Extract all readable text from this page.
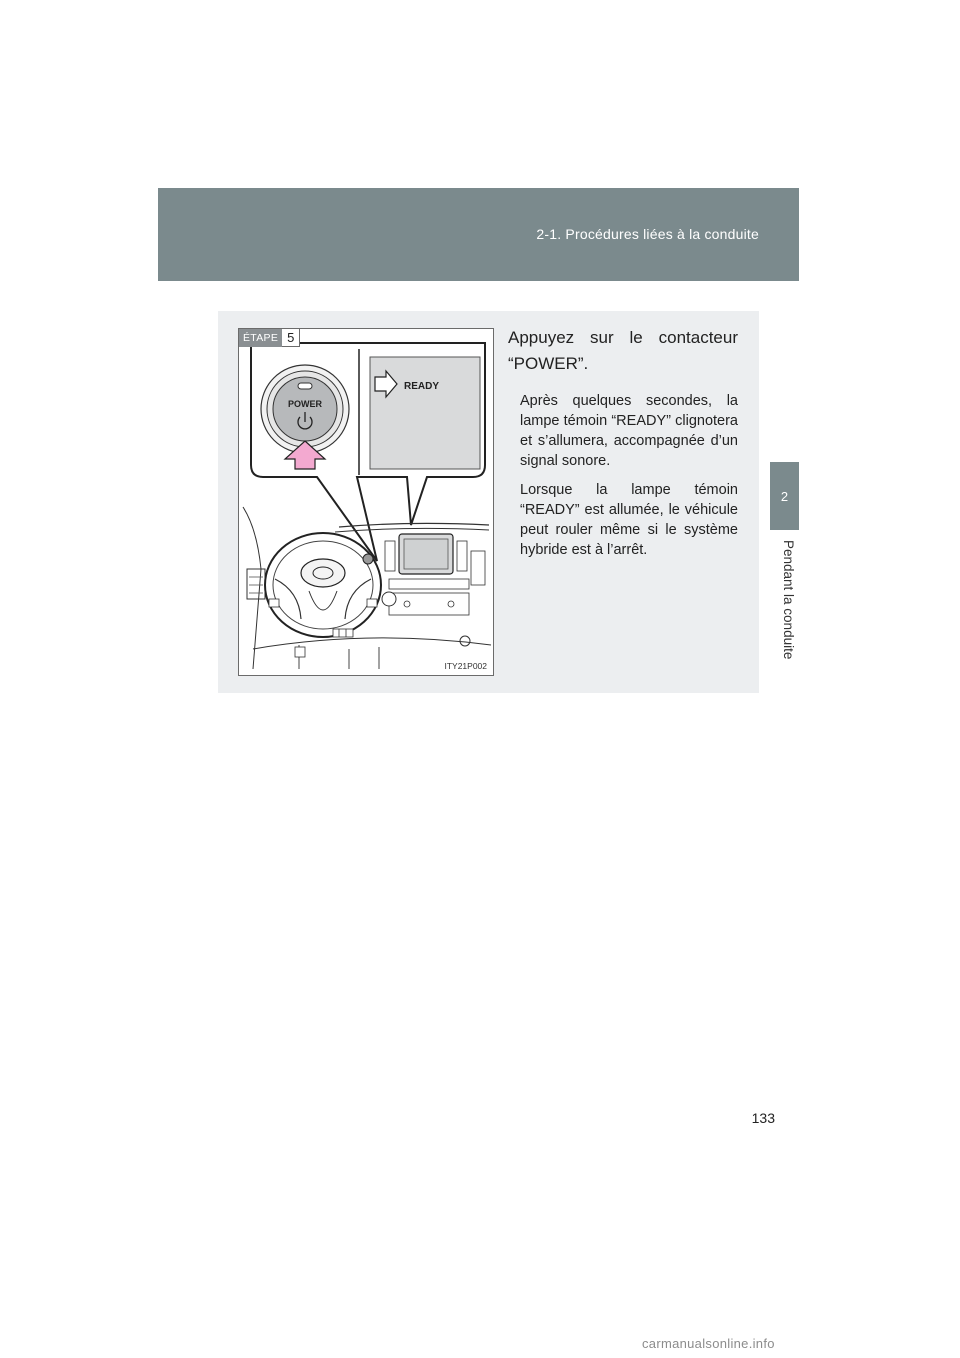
2-1. Procédures liées à la conduite
2
Pendant la conduite
READY
POWER
ÉTAPE 5
ITY21P002

Appuyez sur le contacteur “POWER”.

Après quelques secondes, la lampe témoin “READY” clignotera et s’allumera, accompagnée d’un signal sonore.

Lorsque la lampe témoin “READY” est allumée, le véhicule peut rouler même si le système hybride est à l’arrêt.

133
carmanualsonline.info
